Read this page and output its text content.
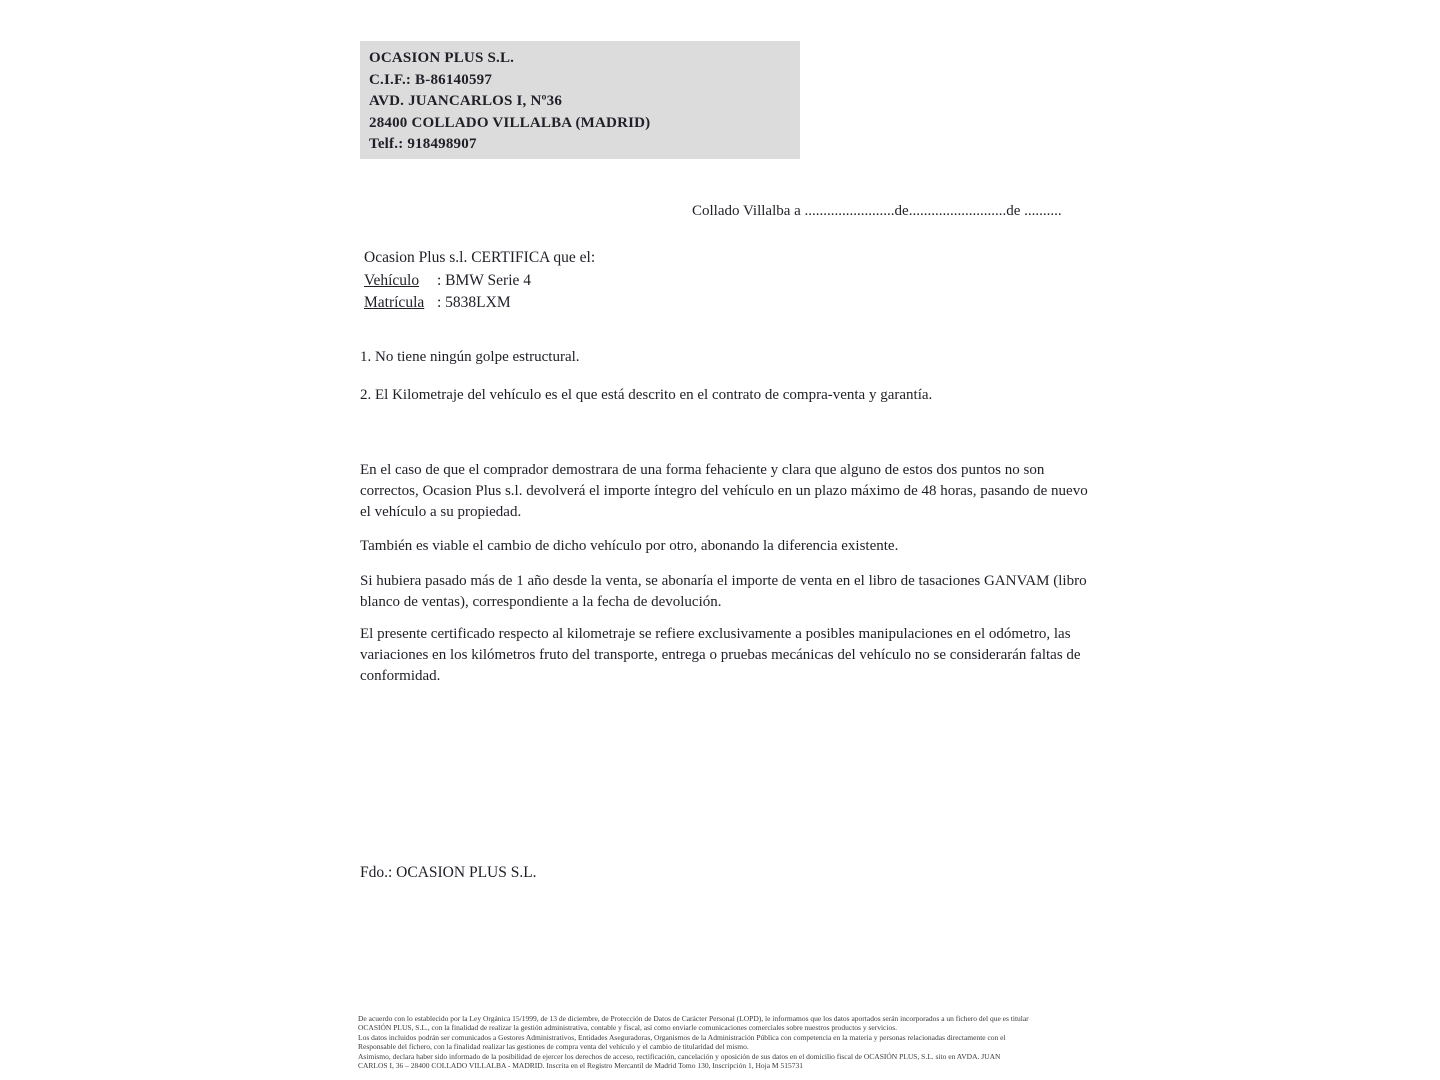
OCASION PLUS S.L.
C.I.F.: B-86140597
AVD. JUANCARLOS I, Nº36
28400 COLLADO VILLALBA (MADRID)
Telf.: 918498907
Collado Villalba a ........................de..........................de ..........
Ocasion Plus s.l. CERTIFICA que el:
Vehículo : BMW Serie 4
Matrícula : 5838LXM
1. No tiene ningún golpe estructural.
2. El Kilometraje del vehículo es el que está descrito en el contrato de compra-venta y garantía.
En el caso de que el comprador demostrara de una forma fehaciente y clara que alguno de estos dos puntos no son correctos, Ocasion Plus s.l. devolverá el importe íntegro del vehículo en un plazo máximo de 48 horas, pasando de nuevo el vehículo a su propiedad.
También es viable el cambio de dicho vehículo por otro, abonando la diferencia existente.
Si hubiera pasado más de 1 año desde la venta, se abonaría el importe de venta en el libro de tasaciones GANVAM (libro blanco de ventas), correspondiente a la fecha de devolución.
El presente certificado respecto al kilometraje se refiere exclusivamente a posibles manipulaciones en el odómetro, las variaciones en los kilómetros fruto del transporte, entrega o pruebas mecánicas del vehículo no se considerarán faltas de conformidad.
Fdo.: OCASION PLUS S.L.
De acuerdo con lo establecido por la Ley Orgánica 15/1999, de 13 de diciembre, de Protección de Datos de Carácter Personal (LOPD), le informamos que los datos aportados serán incorporados a un fichero del que es titular
OCASIÓN PLUS, S.L., con la finalidad de realizar la gestión administrativa, contable y fiscal, así como enviarle comunicaciones comerciales sobre nuestros productos y servicios.
Los datos incluidos podrán ser comunicados a Gestores Administrativos, Entidades Aseguradoras, Organismos de la Administración Pública con competencia en la materia y personas relacionadas directamente con el
Responsable del fichero, con la finalidad realizar las gestiones de compra venta del vehículo y el cambio de titularidad del mismo.
Asimismo, declara haber sido informado de la posibilidad de ejercer los derechos de acceso, rectificación, cancelación y oposición de sus datos en el domicilio fiscal de OCASIÓN PLUS, S.L. sito en AVDA. JUAN
CARLOS I, 36 – 28400 COLLADO VILLALBA - MADRID. Inscrita en el Registro Mercantil de Madrid Tomo 130, Inscripción 1, Hoja M 515731
